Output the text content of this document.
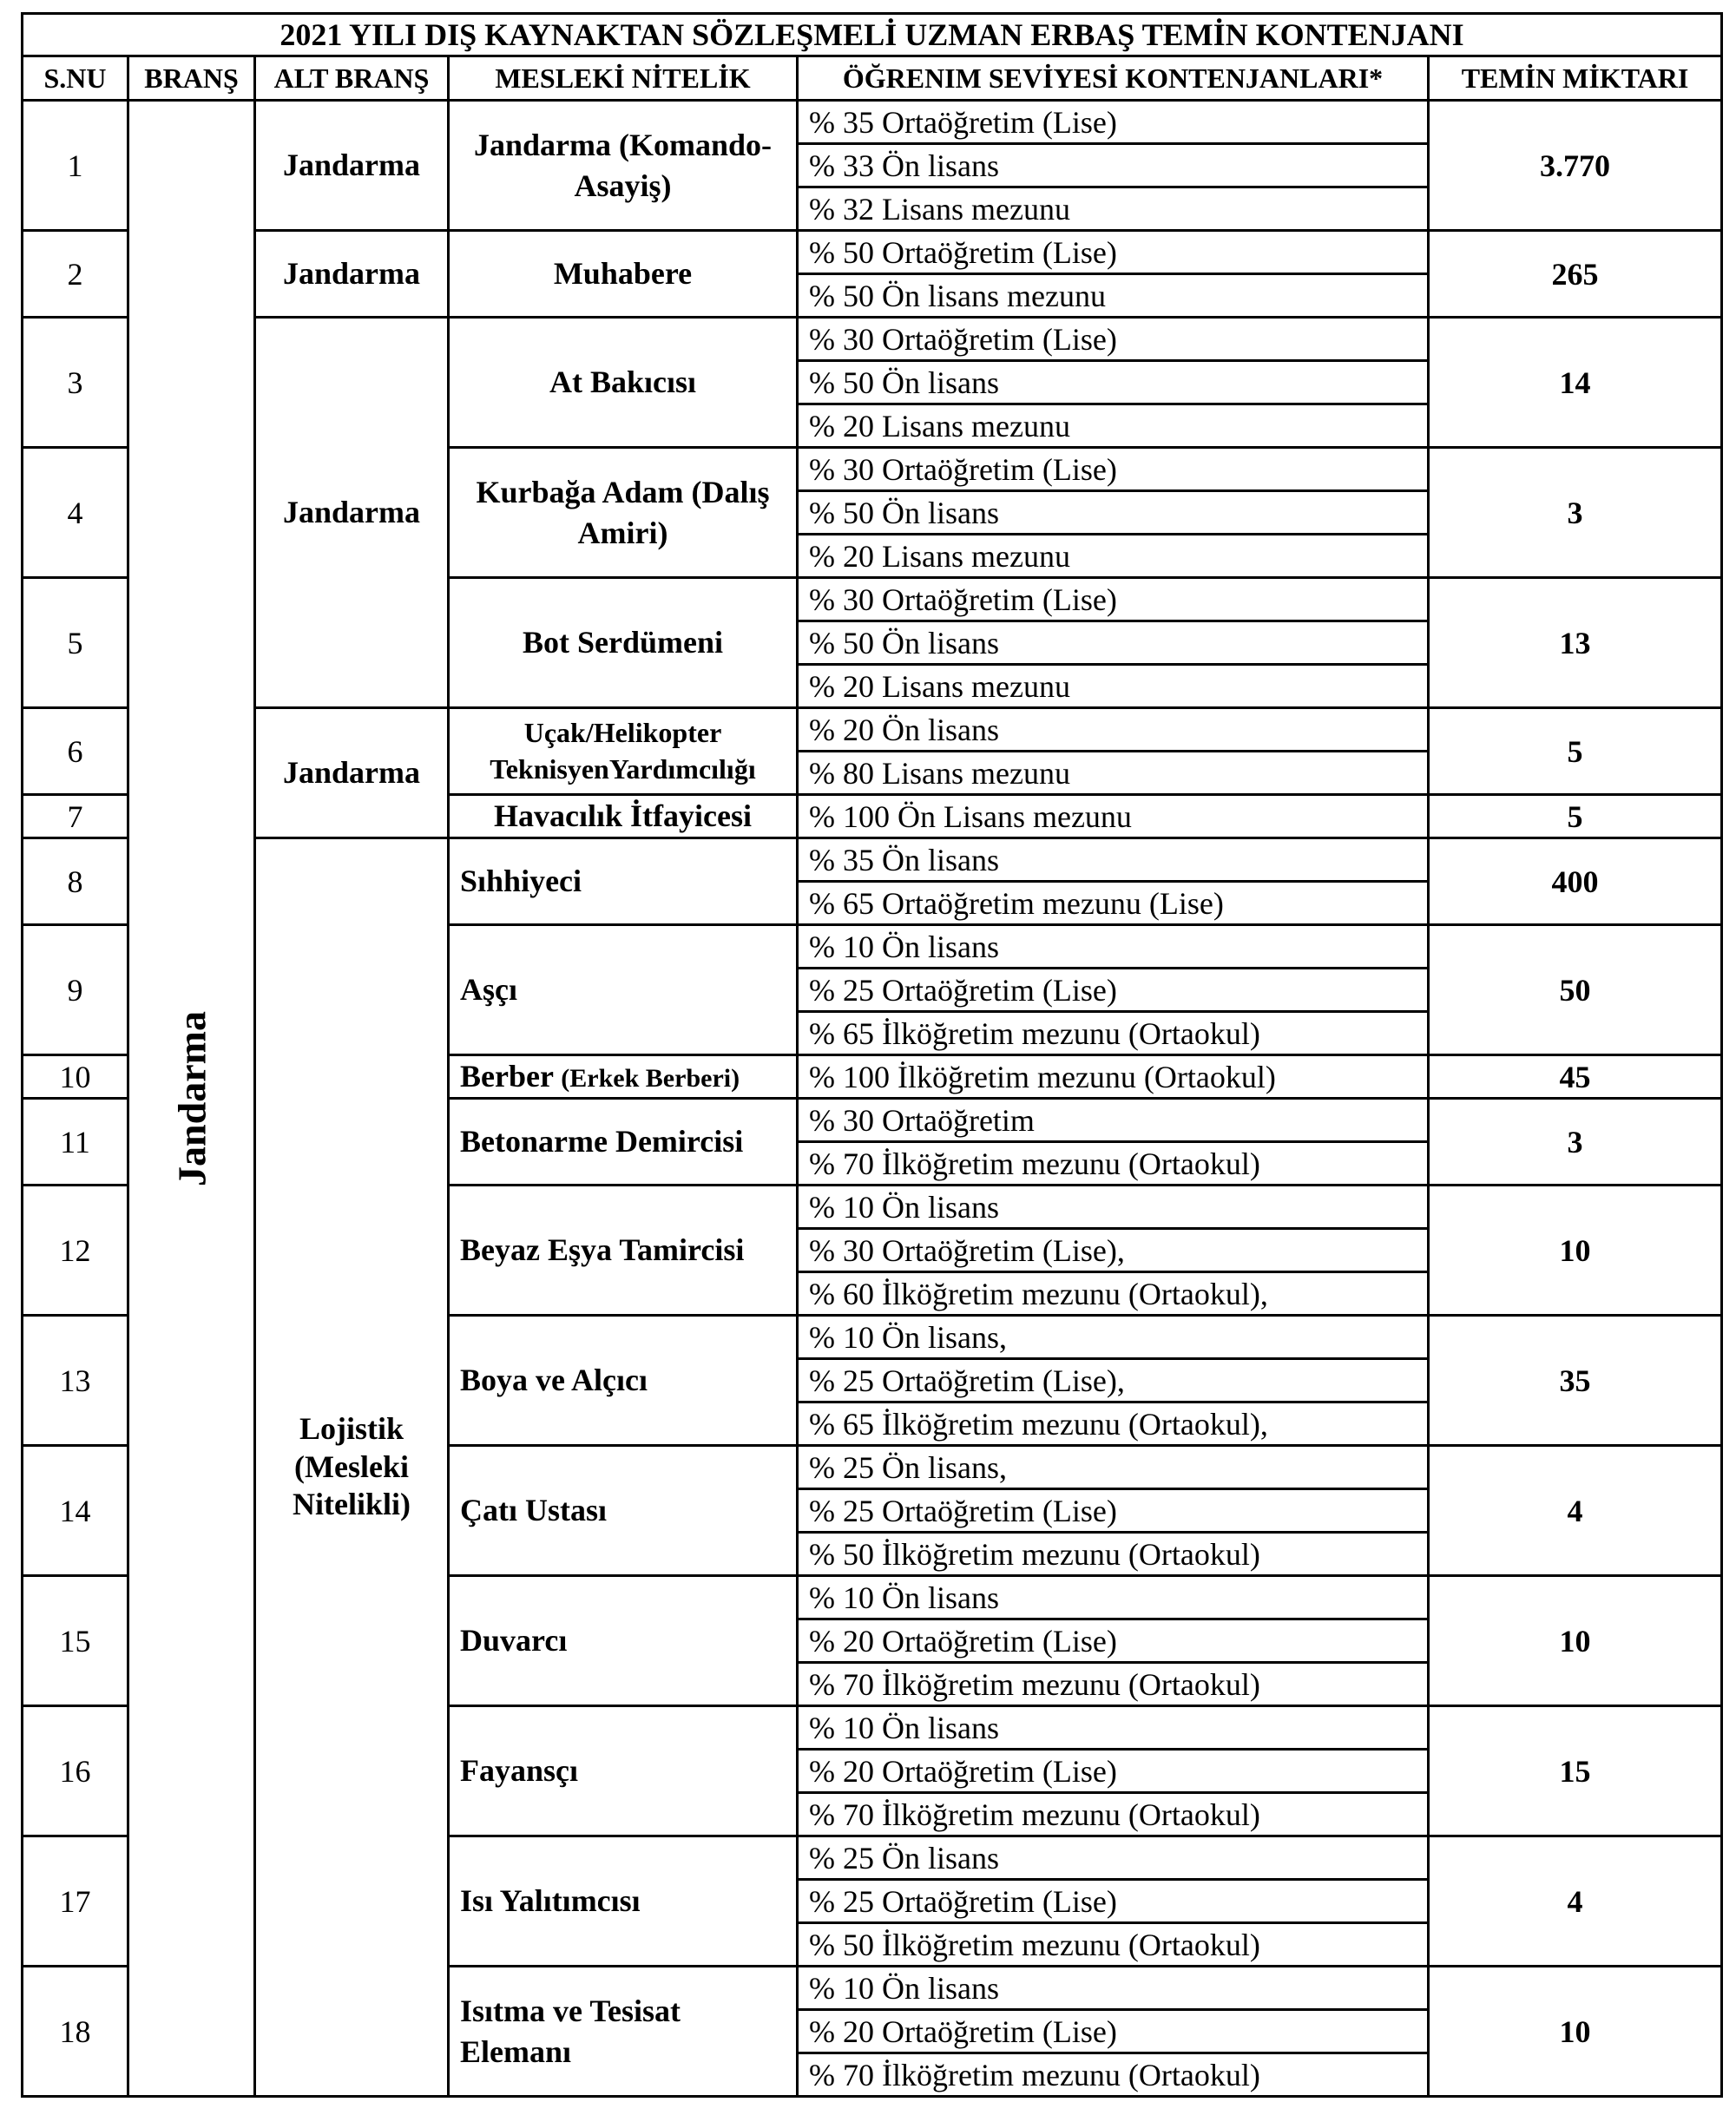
2021 YILI DIŞ KAYNAKTAN SÖZLEŞMELİ UZMAN ERBAŞ TEMİN KONTENJANI					
S.NU	BRANŞ	ALT BRANŞ	MESLEKİ NİTELİK	ÖĞRENIM SEVİYESİ KONTENJANLARI*	TEMİN MİKTARI
1	Jandarma	Jandarma	Jandarma (Komando-Asayiş)	% 35 Ortaöğretim (Lise)	3.770
				% 33 Ön lisans	
				% 32 Lisans mezunu	
2		Jandarma	Muhabere	% 50 Ortaöğretim (Lise)	265
				% 50 Ön lisans mezunu	
3		Jandarma	At Bakıcısı	% 30 Ortaöğretim (Lise)	14
				% 50 Ön lisans	
				% 20 Lisans mezunu	
4			Kurbağa Adam (Dalış Amiri)	% 30 Ortaöğretim (Lise)	3
				% 50 Ön lisans	
				% 20 Lisans mezunu	
5			Bot Serdümeni	% 30 Ortaöğretim (Lise)	13
				% 50 Ön lisans	
				% 20 Lisans mezunu	
6		Jandarma	Uçak/Helikopter TeknisyenYardımcılığı	% 20 Ön lisans	5
				% 80 Lisans mezunu	
7			Havacılık İtfayicesi	% 100 Ön Lisans mezunu	5
8		Lojistik (Mesleki Nitelikli)	Sıhhiyeci	% 35 Ön lisans	400
				% 65 Ortaöğretim mezunu (Lise)	
9			Aşçı	% 10 Ön lisans	50
				% 25 Ortaöğretim (Lise)	
				% 65 İlköğretim mezunu (Ortaokul)	
10			Berber (Erkek Berberi)	% 100 İlköğretim mezunu (Ortaokul)	45
11			Betonarme Demircisi	% 30 Ortaöğretim	3
				% 70 İlköğretim mezunu (Ortaokul)	
12			Beyaz Eşya Tamircisi	% 10 Ön lisans	10
				% 30 Ortaöğretim (Lise),	
				% 60 İlköğretim mezunu (Ortaokul),	
13			Boya ve Alçıcı	% 10 Ön lisans,	35
				% 25 Ortaöğretim (Lise),	
				% 65 İlköğretim mezunu (Ortaokul),	
14			Çatı Ustası	% 25 Ön lisans,	4
				% 25 Ortaöğretim (Lise)	
				% 50 İlköğretim mezunu (Ortaokul)	
15			Duvarcı	% 10 Ön lisans	10
				% 20 Ortaöğretim (Lise)	
				% 70 İlköğretim mezunu (Ortaokul)	
16			Fayansçı	% 10 Ön lisans	15
				% 20 Ortaöğretim (Lise)	
				% 70 İlköğretim mezunu (Ortaokul)	
17			Isı Yalıtımcısı	% 25 Ön lisans	4
				% 25 Ortaöğretim (Lise)	
				% 50 İlköğretim mezunu (Ortaokul)	
18			Isıtma ve Tesisat Elemanı	% 10 Ön lisans	10
				% 20 Ortaöğretim (Lise)	
				% 70 İlköğretim mezunu (Ortaokul)	
